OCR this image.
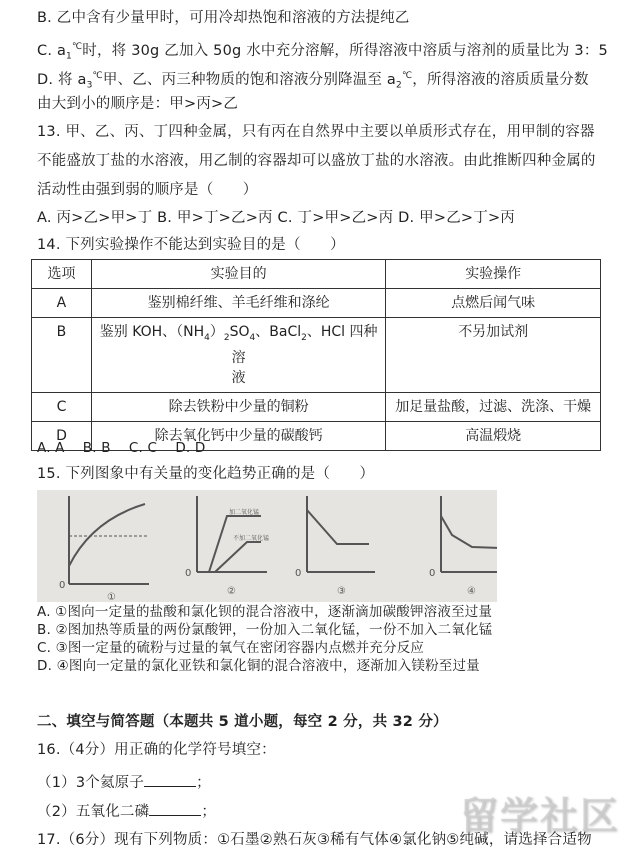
B. 乙中含有少量甲时，可用冷却热饱和溶液的方法提纯乙
C. $a_1^℃$时，将 30g 乙加入 50g 水中充分溶解，所得溶液中溶质与溶剂的质量比为 3：5
D. 将 $a_3^℃$甲、乙、丙三种物质的饱和溶液分别降温至 $a_2^℃$，所得溶液的溶质质量分数
由大到小的顺序是：甲>丙>乙
13. 甲、乙、丙、丁四种金属，只有丙在自然界中主要以单质形式存在，用甲制的容器
不能盛放丁盐的水溶液，用乙制的容器却可以盛放丁盐的水溶液。由此推断四种金属的
活动性由强到弱的顺序是（　　）
A. 丙>乙>甲>丁 B. 甲>丁>乙>丙 C. 丁>甲>乙>丙 D. 甲>乙>丁>丙
14. 下列实验操作不能达到实验目的是（　　）
选项	实验目的	实验操作
A	鉴别棉纤维、羊毛纤维和涤纶	点燃后闻气味
B	鉴别 KOH、$(NH_4)_2SO_4$、BaCl$_2$、HCl 四种溶
液	不另加试剂
C	除去铁粉中少量的铜粉	加足量盐酸，过滤、洗涤、干燥
D	除去氧化钙中少量的碳酸钙	高温煅烧
A. A　 B. B　 C. C　 D. D
15. 下列图象中有关量的变化趋势正确的是（　　）
0
0	0	0
加二氧化锰
不加二氧化锰
①
②	③	④
A. ①图向一定量的盐酸和氯化钡的混合溶液中，逐渐滴加碳酸钾溶液至过量
B. ②图加热等质量的两份氯酸钾，一份加入二氧化锰，一份不加入二氧化锰
C. ③图一定量的硫粉与过量的氧气在密闭容器内点燃并充分反应
D. ④图向一定量的氯化亚铁和氯化铜的混合溶液中，逐渐加入镁粉至过量
二、填空与简答题（本题共 5 道小题，每空 2 分，共 32 分）
16.（4分）用正确的化学符号填空：
（1）3个氦原子	；
（2）五氧化二磷	；
17.（6分）现有下列物质：①石墨②熟石灰③稀有气体④氯化钠⑤纯碱，请选择合适物
留学社区
